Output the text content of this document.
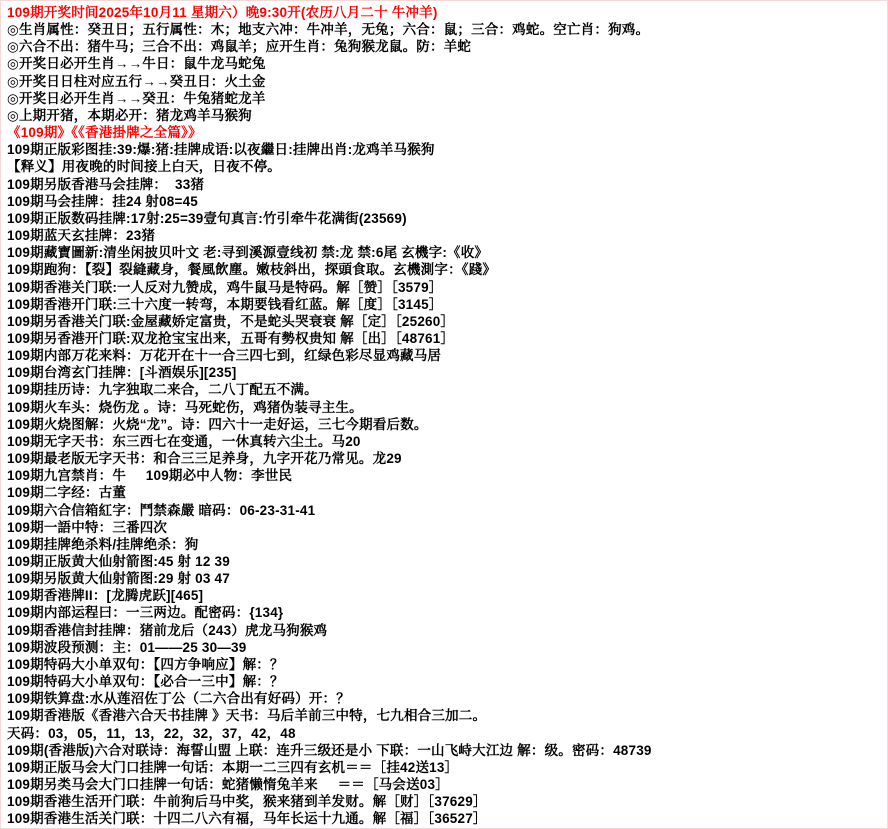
109期开奖时间2025年10月11 星期六）晚9:30开(农历八月二十 牛冲羊)
◎生肖属性：癸丑日；五行属性：木；地支六冲：牛冲羊，无兔；六合：鼠；三合：鸡蛇。空亡肖：狗鸡。
◎六合不出：猪牛马；三合不出：鸡鼠羊；应开生肖：兔狗猴龙鼠。防：羊蛇
◎开奖日必开生肖→→牛日：鼠牛龙马蛇兔
◎开奖日日柱对应五行→→癸丑日：火土金
◎开奖日必开生肖→→癸丑：牛兔猪蛇龙羊
◎上期开猪，本期必开：猪龙鸡羊马猴狗
《109期》《《香港掛牌之全篇》》
109期正版彩图挂:39:爆:猪:挂牌成语:以夜繼日:挂牌出肖:龙鸡羊马猴狗
【释义】用夜晚的时间接上白天，日夜不停。
109期另版香港马会挂牌：  33猪
109期马会挂牌：挂24 射08=45
109期正版数码挂牌:17射:25=39壹句真言:竹引牵牛花满街(23569)
109期蓝天玄挂牌：23猪
109期藏寶圖新:清坐闲披贝叶文 老:寻到溪源壹线初 禁:龙 禁:6尾 玄機字:《收》
109期跑狗：【裂】裂縫藏身，餐風飲塵。嫩枝斜出，探頭食取。玄機測字：《踐》
109期香港关门联:一人反对九赞成，鸡牛鼠马是特码。解［赞］［3579］
109期香港开门联:三十六度一转弯，本期要钱看红蓝。解［度］［3145］
109期另香港关门联:金屋藏娇定富贵，不是蛇头哭衰衰 解［定］［25260］
109期另香港开门联:双龙抢宝宝出来，五哥有勢权贵知 解［出］［48761］
109期内部万花来料：万花开在十一合三四七到，红绿色彩尽显鸡藏马居
109期台湾玄门挂牌：[斗酒娱乐][235]
109期挂历诗：九字独取二来合，二八丁配五不满。
109期火车头：烧伤龙 。诗：马死蛇伤，鸡猪伪装寻主生。
109期火烧图解：火烧“龙”。诗：四六十一走好运，三七今期看后数。
109期无字天书：东三西七在变通，一休真转六尘土。马20
109期最老版无字天书：和合三三足养身，九字开花乃常见。龙29
109期九宫禁肖：牛     109期必中人物：李世民
109期二字经：古董
109期六合信箱紅字：鬥禁森嚴 暗码：06-23-31-41
109期一語中特：三番四次
109期挂牌绝杀料/挂牌绝杀：狗
109期正版黄大仙射箭图:45 射 12 39
109期另版黄大仙射箭图:29 射 03 47
109期香港牌II：[龙腾虎跃][465]
109期内部运程曰：一三两边。配密码：{134}
109期香港信封挂牌：猪前龙后（243）虎龙马狗猴鸡
109期波段预测：主：01——25 30—39
109期特码大小单双句：【四方争响应】解：？
109期特码大小单双句：【必合一三中】解：？
109期铁算盘:水从莲沼佐丁公（二六合出有好码）开：？
109期香港版《香港六合天书挂牌 》天书：马后羊前三中特，七九相合三加二。
天码：03，05，11，13，22，32，37，42，48
109期(香港版)六合对联诗：海誓山盟 上联：连升三级还是小 下联：一山飞峙大江边 解：级。密码：48739
109期正版马会大门口挂牌一句话：本期一二三四有玄机＝＝［挂42送13］
109期另类马会大门口挂牌一句话：蛇猪懒惰兔羊来     ＝＝［马会送03］
109期香港生活开门联：牛前狗后马中奖，猴来猪到羊发财。解［财］［37629］
109期香港生活关门联：十四二八六有福，马年长运十九通。解［福］［36527］
